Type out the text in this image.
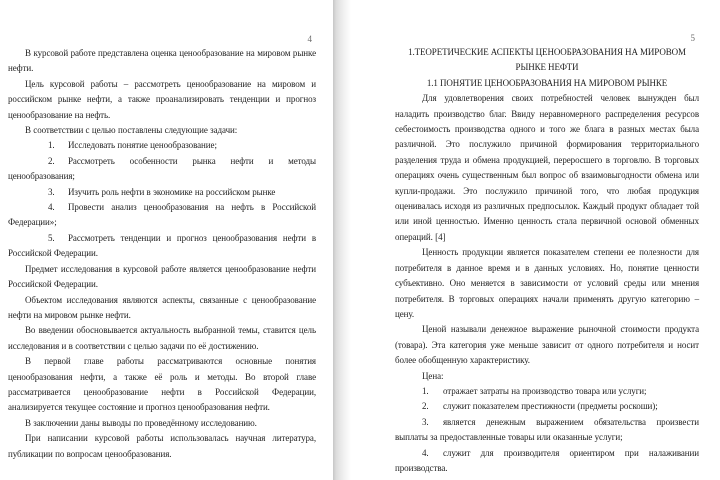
4

В курсовой работе представлена оценка ценообразование на мировом рынке нефти.

Цель курсовой работы – рассмотреть ценообразование на мировом и российском рынке нефти, а также проанализировать тенденции и прогноз ценообразование на нефть.

В соответствии с целью поставлены следующие задачи:

1. Исследовать понятие ценообразование;

2. Рассмотреть особенности рынка нефти и методы ценообразования;

3. Изучить роль нефти в экономике на российском рынке

4. Провести анализ ценообразования на нефть в Российской Федерации»;

5. Рассмотреть тенденции и прогноз ценообразования нефти в Российской Федерации.

Предмет исследования в курсовой работе является ценообразование нефти Российской Федерации.

Объектом исследования являются аспекты, связанные с ценообразование нефти на мировом рынке нефти.

Во введении обосновывается актуальность выбранной темы, ставится цель исследования и в соответствии с целью задачи по её достижению.

В первой главе работы рассматриваются основные понятия ценообразования нефти, а также её роль и методы. Во второй главе рассматривается ценообразование нефти в Российской Федерации, анализируется текущее состояние и прогноз ценообразования нефти.

В заключении даны выводы по проведённому исследованию.

При написании курсовой работы использовалась научная литература, публикации по вопросам ценообразования.

5
1.ТЕОРЕТИЧЕСКИЕ АСПЕКТЫ ЦЕНООБРАЗОВАНИЯ НА МИРОВОМ РЫНКЕ НЕФТИ
1.1 ПОНЯТИЕ ЦЕНООБРАЗОВАНИЯ НА МИРОВОМ РЫНКЕ

Для удовлетворения своих потребностей человек вынужден был наладить производство благ. Ввиду неравномерного распределения ресурсов себестоимость производства одного и того же блага в разных местах была различной. Это послужило причиной формирования территориального разделения труда и обмена продукцией, переросшего в торговлю. В торговых операциях очень существенным был вопрос об взаимовыгодности обмена или купли-продажи. Это послужило причиной того, что любая продукция оценивалась исходя из различных предпосылок. Каждый продукт обладает той или иной ценностью. Именно ценность стала первичной основой обменных операций. [4]

Ценность продукции является показателем степени ее полезности для потребителя в данное время и в данных условиях. Но, понятие ценности субъективно. Оно меняется в зависимости от условий среды или мнения потребителя. В торговых операциях начали применять другую категорию – цену.

Ценой называли денежное выражение рыночной стоимости продукта (товара). Эта категория уже меньше зависит от одного потребителя и носит более обобщенную характеристику.

Цена:

1. отражает затраты на производство товара или услуги;

2. служит показателем престижности (предметы роскоши);

3. является денежным выражением обязательства произвести выплаты за предоставленные товары или оказанные услуги;

4. служит для производителя ориентиром при налаживании производства.
